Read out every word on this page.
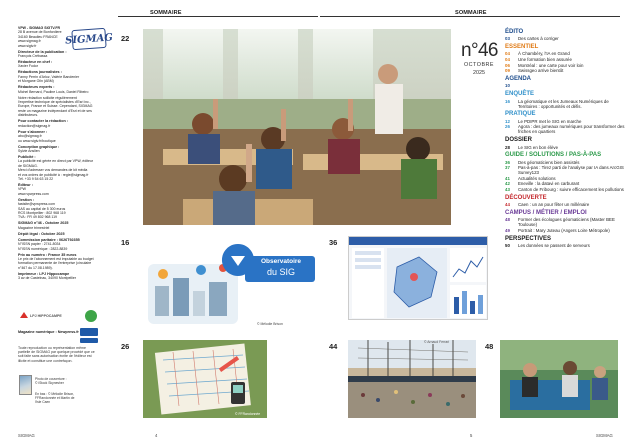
SOMMAIRE	SOMMAIRE
SIGMAG
VPW - SIGMAG SIGTV.FR
28 B avenue de Bonfordiere
34160 Beaulieu FRANCE
www.sigmag.fr
www.sigtv.fr
Directeur de la publication :
François Crébassa
Rédacteur en chef :
Xavier Fodor
Rédactions journalistes :
Fanny Perrin d'Arloz, Valérie Bandenier
et Morgane Oiln (ABM)
Rédacteurs experts :
Michel Bernard, Pauline Louis, Daniel Ribeiro
Notre rédaction sollicite régulièrement
l'expertise technique de spécialistes d'Esri inc.,
Europe, France et Suisse. Cependant, SIGMAG
reste un magazine indépendant d'Esri et de ses
distributeurs.
Pour contacter la rédaction :
redaction@sigmag.fr
Pour s'abonner :
abo@sigmag.fr
ou www.sigtv.fr/boutique
Conception graphique :
Sylvie Anslien
Publicité :
La publicité est gérée en direct par VPW, éditeur
de SIGMAG.
Merci d'adresser vos demandes de kit média
et vos ordres de publicité à : regie@sigmag.fr
Tél. +33 9 54 63 15 22
Éditeur :
VPW
www.vpwpress.com
Gestion :
fastsite@vpwpress.com
SAS au capital de 5 300 euros
RCS Montpellier : 802 968 119
TVA : FR 49 802 968 119
SIGMAG n°46 - Octobre 2025
Magazine trimestriel
Dépôt légal : Octobre 2025
Commission paritaire : 0626T92355
N°ISSN papier : 2741-8034
N°ISSN numérique : 2822-8839
Prix au numéro : France 35 euros
Le prix de l'abonnement est imputable au budget
formation permanente de l'entreprise (circulaire
n°467 du 17.08.1989).
Imprimeur : LPJ Hippocampe
3 av de Castelnau, 34090 Montpellier
LPJ HIPPOCAMPE
Magazine numérique : Newpress.fr
Toute reproduction ou représentation même
partielle de SIGMAG par quelque procédé que ce
soit faite sans autorisation écrite de l'éditeur est
illicite et constitue une contrefaçon.
Photo de couverture :
© iStock Skynesher
En bas : © Mélodie Brison,
FFRandonnée et Martin de
l'isle Caen
22
16	36
26	44	48
n°46
OCTOBRE
2025
Observatoire
du SIG
© Mélodie Brison
© FFRandonnée
© Arnaud Ferrari
ÉDITO
03	Des cartes à corriger
ESSENTIEL
04	À Chambéry, l'IA en Grand
04	Une formation bien assurée
06	Montréal : une carte pour voir loin
09	Swissgeo arrive bientôt
AGENDA
10
ENQUÊTE
16	La géomatique et les Jumeaux Numériques de Territoires : opportunités et défis.
PRATIQUE
12	Le PDIPR met le SIG en marche
26	Agora : des jumeaux numériques pour transformer des friches en quartiers
DOSSIER
28	Le SIG en bon élève
GUIDE / SOLUTIONS / PAS-À-PAS
36	Des géomaticiens bien assistés
37	Pas-à-pas : Tirez parti de l'analyse par IA dans ArcGIS Survey123
41	Actualités solutions
42	Eneville : la datavi en carburant
43	Canton de Fribourg : suivre efficacement les pollutions
DÉCOUVERTE
44	Caen : un an pour fêter un millénaire
CAMPUS / MÉTIER / EMPLOI
48	Former des écologues géomaticiens (Master BEE Toulouse)
49	Portrait : Mary Juteau (Angers Loire Métropole)
PERSPECTIVES
50	Les données se passent de serveurs
SIGMAG	4	5	SIGMAG
